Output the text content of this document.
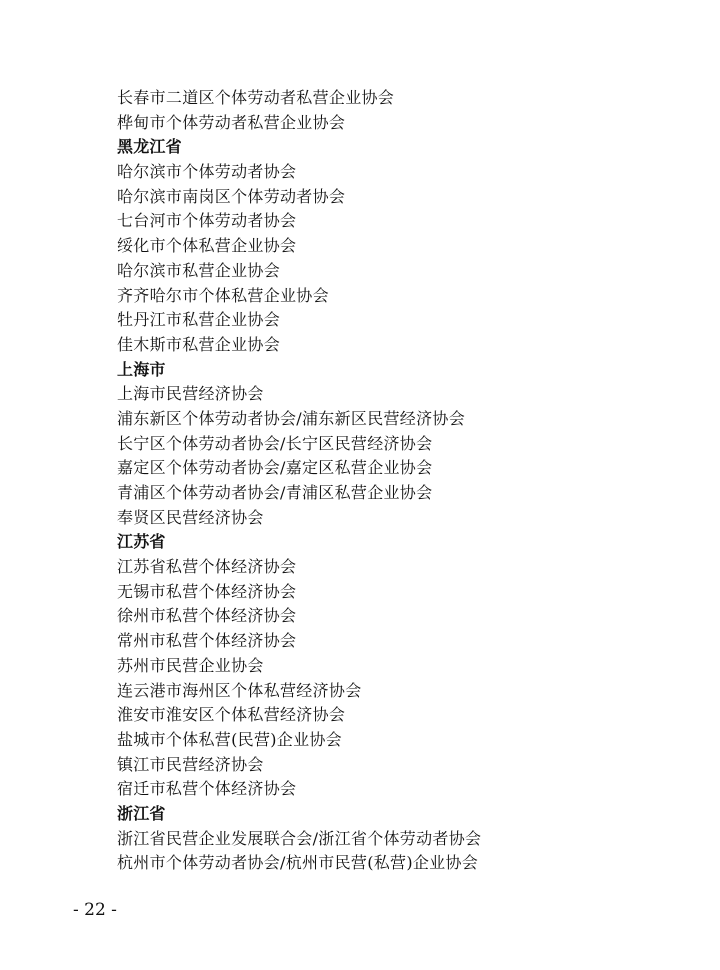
长春市二道区个体劳动者私营企业协会
桦甸市个体劳动者私营企业协会
黑龙江省
哈尔滨市个体劳动者协会
哈尔滨市南岗区个体劳动者协会
七台河市个体劳动者协会
绥化市个体私营企业协会
哈尔滨市私营企业协会
齐齐哈尔市个体私营企业协会
牡丹江市私营企业协会
佳木斯市私营企业协会
上海市
上海市民营经济协会
浦东新区个体劳动者协会/浦东新区民营经济协会
长宁区个体劳动者协会/长宁区民营经济协会
嘉定区个体劳动者协会/嘉定区私营企业协会
青浦区个体劳动者协会/青浦区私营企业协会
奉贤区民营经济协会
江苏省
江苏省私营个体经济协会
无锡市私营个体经济协会
徐州市私营个体经济协会
常州市私营个体经济协会
苏州市民营企业协会
连云港市海州区个体私营经济协会
淮安市淮安区个体私营经济协会
盐城市个体私营(民营)企业协会
镇江市民营经济协会
宿迁市私营个体经济协会
浙江省
浙江省民营企业发展联合会/浙江省个体劳动者协会
杭州市个体劳动者协会/杭州市民营(私营)企业协会
- 22 -
